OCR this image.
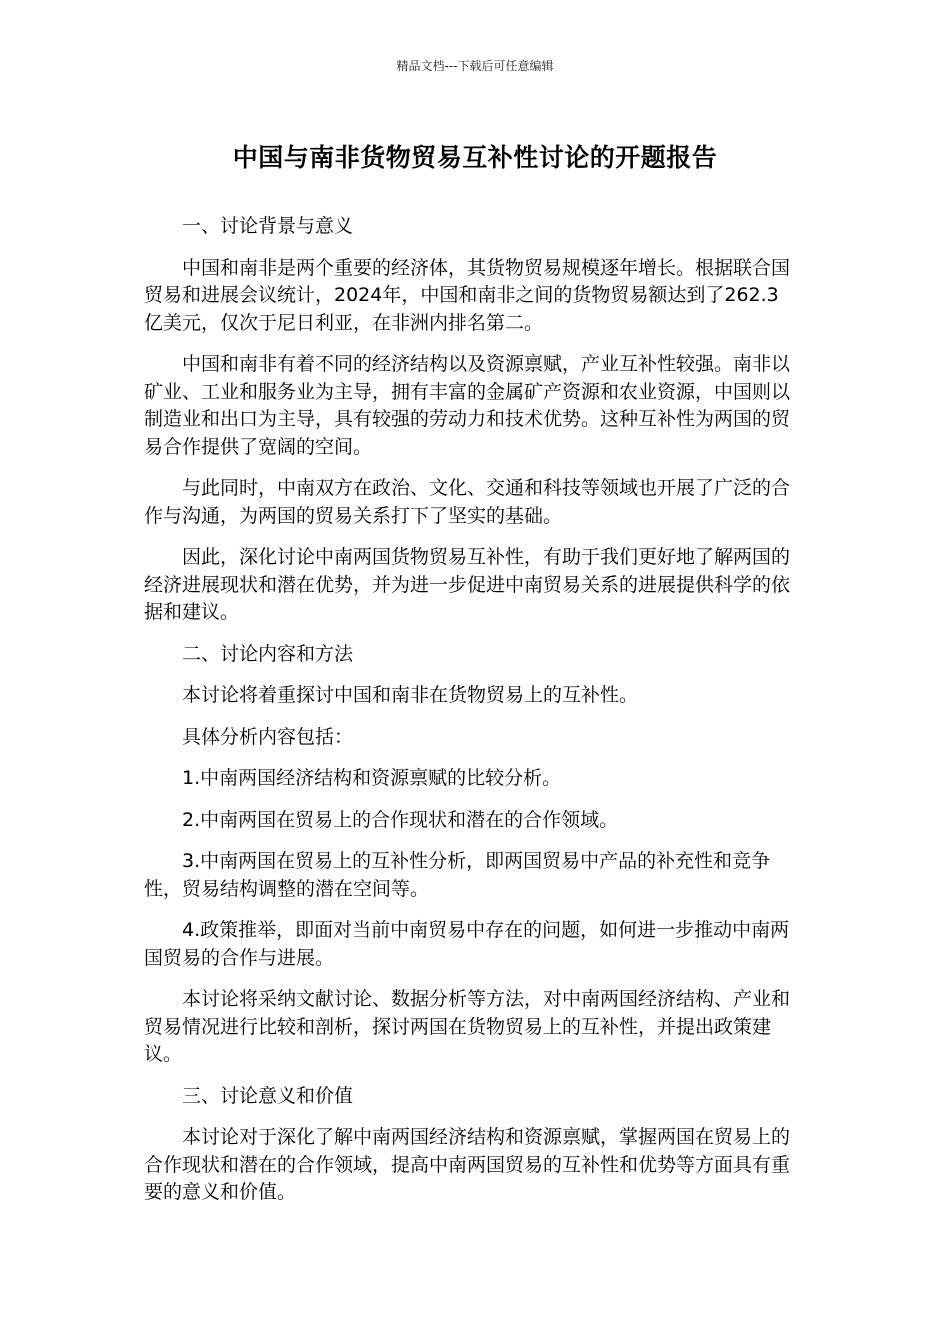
精品文档---下载后可任意编辑
中国与南非货物贸易互补性讨论的开题报告

一、讨论背景与意义

中国和南非是两个重要的经济体，其货物贸易规模逐年增长。根据联合国贸易和进展会议统计，2024年，中国和南非之间的货物贸易额达到了262.3亿美元，仅次于尼日利亚，在非洲内排名第二。

中国和南非有着不同的经济结构以及资源禀赋，产业互补性较强。南非以矿业、工业和服务业为主导，拥有丰富的金属矿产资源和农业资源，中国则以制造业和出口为主导，具有较强的劳动力和技术优势。这种互补性为两国的贸易合作提供了宽阔的空间。

与此同时，中南双方在政治、文化、交通和科技等领域也开展了广泛的合作与沟通，为两国的贸易关系打下了坚实的基础。

因此，深化讨论中南两国货物贸易互补性，有助于我们更好地了解两国的经济进展现状和潜在优势，并为进一步促进中南贸易关系的进展提供科学的依据和建议。

二、讨论内容和方法

本讨论将着重探讨中国和南非在货物贸易上的互补性。

具体分析内容包括：

1.中南两国经济结构和资源禀赋的比较分析。

2.中南两国在贸易上的合作现状和潜在的合作领域。

3.中南两国在贸易上的互补性分析，即两国贸易中产品的补充性和竞争性，贸易结构调整的潜在空间等。

4.政策推举，即面对当前中南贸易中存在的问题，如何进一步推动中南两国贸易的合作与进展。

本讨论将采纳文献讨论、数据分析等方法，对中南两国经济结构、产业和贸易情况进行比较和剖析，探讨两国在货物贸易上的互补性，并提出政策建议。

三、讨论意义和价值

本讨论对于深化了解中南两国经济结构和资源禀赋，掌握两国在贸易上的合作现状和潜在的合作领域，提高中南两国贸易的互补性和优势等方面具有重要的意义和价值。
